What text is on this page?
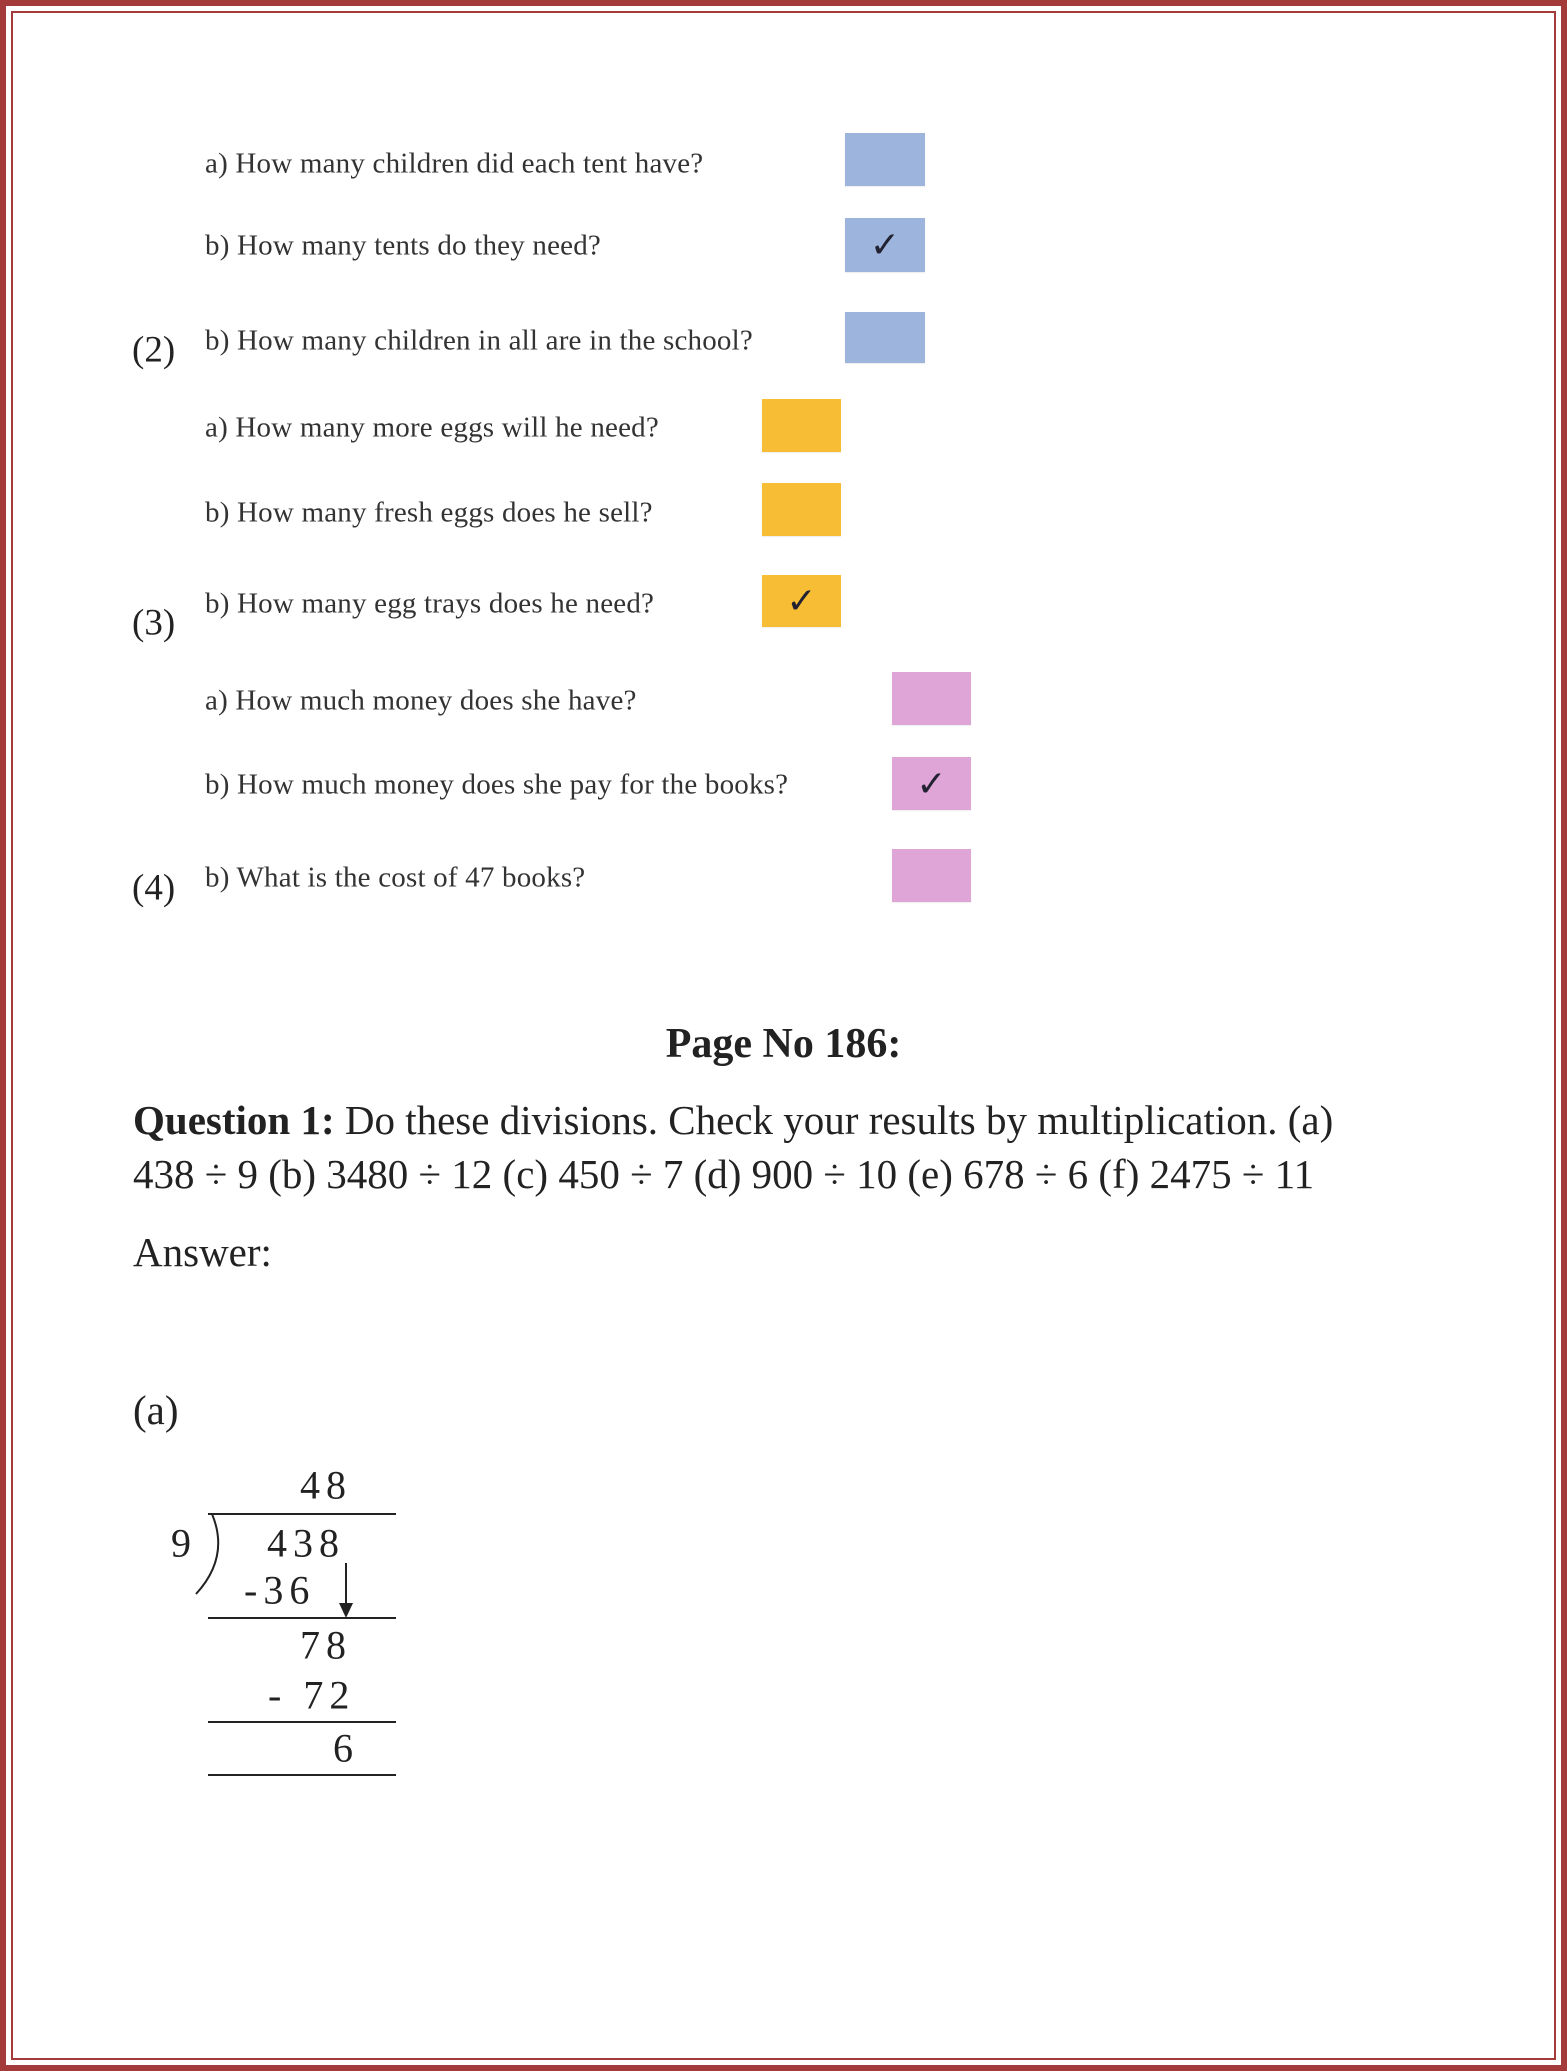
a) How many children did each tent have?
b) How many tents do they need?	✓
(2) b) How many children in all are in the school?
a) How many more eggs will he need?
b) How many fresh eggs does he sell?
(3) b) How many egg trays does he need?	✓
a) How much money does she have?
b) How much money does she pay for the books?	✓
(4) b) What is the cost of 47 books?
Page No 186:
Question 1: Do these divisions. Check your results by multiplication. (a)
438 ÷ 9 (b) 3480 ÷ 12 (c) 450 ÷ 7 (d) 900 ÷ 10 (e) 678 ÷ 6 (f) 2475 ÷ 11
Answer:
(a)
48
9 438
-36
78
- 72
6
